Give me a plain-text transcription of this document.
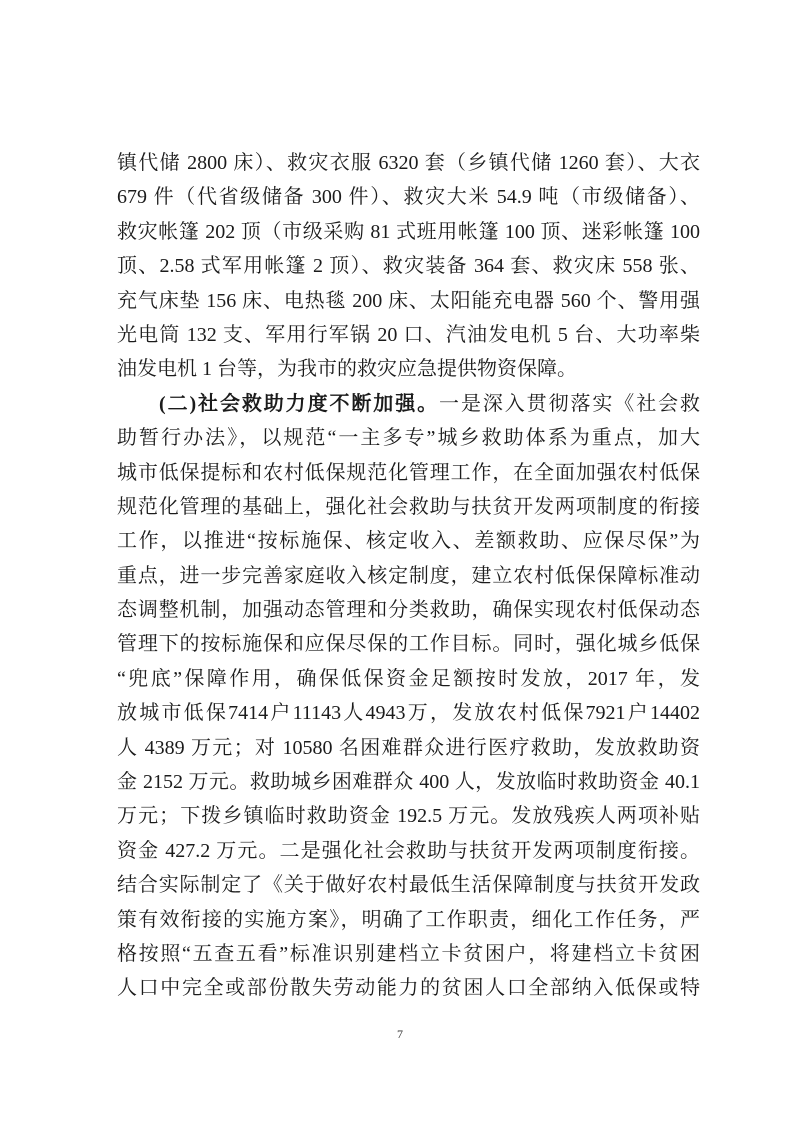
镇代储 2800 床）、救灾衣服 6320 套（乡镇代储 1260 套）、大衣
679 件（代省级储备 300 件）、救灾大米 54.9 吨（市级储备）、
救灾帐篷 202 顶（市级采购 81 式班用帐篷 100 顶、迷彩帐篷 100
顶、2.58 式军用帐篷 2 顶）、救灾装备 364 套、救灾床 558 张、
充气床垫 156 床、电热毯 200 床、太阳能充电器 560 个、警用强
光电筒 132 支、军用行军锅 20 口、汽油发电机 5 台、大功率柴
油发电机 1 台等，为我市的救灾应急提供物资保障。
(二)社会救助力度不断加强。一是深入贯彻落实《社会救
助暂行办法》，以规范“一主多专”城乡救助体系为重点，加大
城市低保提标和农村低保规范化管理工作，在全面加强农村低保
规范化管理的基础上，强化社会救助与扶贫开发两项制度的衔接
工作，以推进“按标施保、核定收入、差额救助、应保尽保”为
重点，进一步完善家庭收入核定制度，建立农村低保保障标准动
态调整机制，加强动态管理和分类救助，确保实现农村低保动态
管理下的按标施保和应保尽保的工作目标。同时，强化城乡低保
“兜底”保障作用，确保低保资金足额按时发放，2017 年，发
放城市低保7414户11143人4943万，发放农村低保7921户14402
人 4389 万元；对 10580 名困难群众进行医疗救助，发放救助资
金 2152 万元。救助城乡困难群众 400 人，发放临时救助资金 40.1
万元；下拨乡镇临时救助资金 192.5 万元。发放残疾人两项补贴
资金 427.2 万元。二是强化社会救助与扶贫开发两项制度衔接。
结合实际制定了《关于做好农村最低生活保障制度与扶贫开发政
策有效衔接的实施方案》，明确了工作职责，细化工作任务，严
格按照“五查五看”标准识别建档立卡贫困户，将建档立卡贫困
人口中完全或部份散失劳动能力的贫困人口全部纳入低保或特
7
